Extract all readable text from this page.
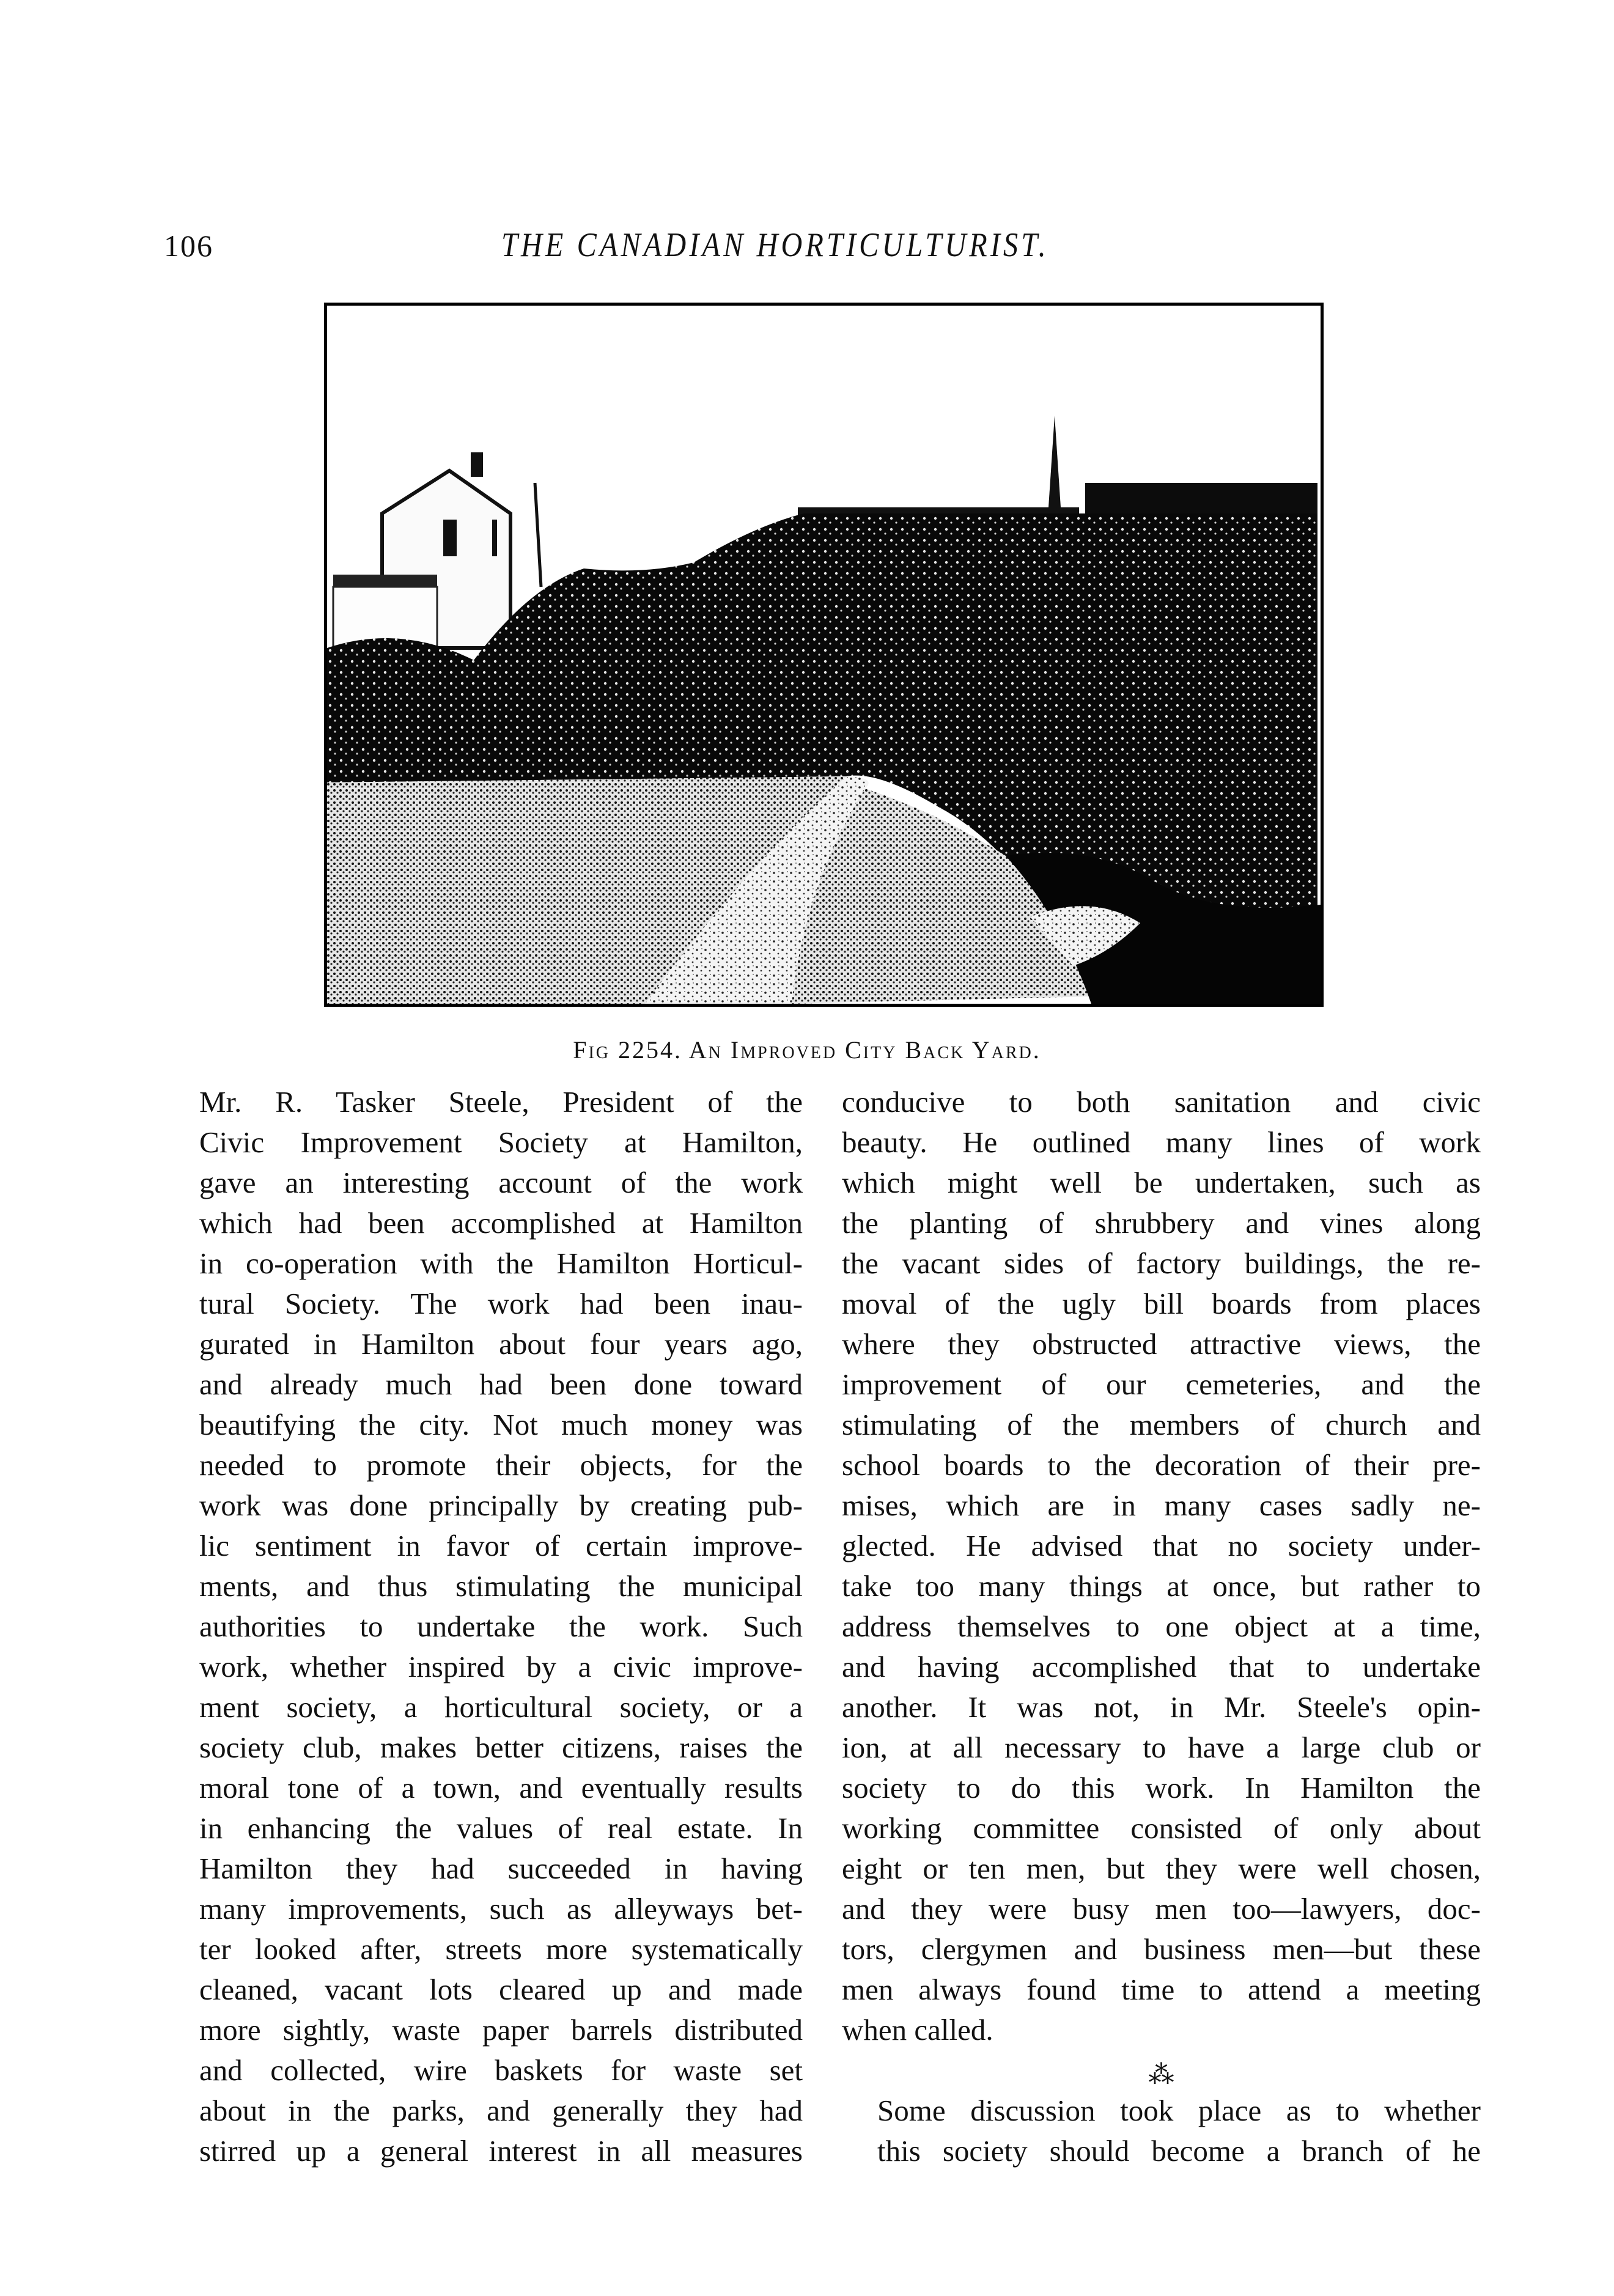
106	THE CANADIAN HORTICULTURIST.
Fig 2254. An Improved City Back Yard.

Mr. R. Tasker Steele, President of the
Civic Improvement Society at Hamilton,
gave an interesting account of the work
which had been accomplished at Hamilton
in co-operation with the Hamilton Horticul-
tural Society. The work had been inau-
gurated in Hamilton about four years ago,
and already much had been done toward
beautifying the city. Not much money was
needed to promote their objects, for the
work was done principally by creating pub-
lic sentiment in favor of certain improve-
ments, and thus stimulating the municipal
authorities to undertake the work. Such
work, whether inspired by a civic improve-
ment society, a horticultural society, or a
society club, makes better citizens, raises the
moral tone of a town, and eventually results
in enhancing the values of real estate. In
Hamilton they had succeeded in having
many improvements, such as alleyways bet-
ter looked after, streets more systematically
cleaned, vacant lots cleared up and made
more sightly, waste paper barrels distributed
and collected, wire baskets for waste set
about in the parks, and generally they had
stirred up a general interest in all measures

conducive to both sanitation and civic
beauty. He outlined many lines of work
which might well be undertaken, such as
the planting of shrubbery and vines along
the vacant sides of factory buildings, the re-
moval of the ugly bill boards from places
where they obstructed attractive views, the
improvement of our cemeteries, and the
stimulating of the members of church and
school boards to the decoration of their pre-
mises, which are in many cases sadly ne-
glected. He advised that no society under-
take too many things at once, but rather to
address themselves to one object at a time,
and having accomplished that to undertake
another. It was not, in Mr. Steele's opin-
ion, at all necessary to have a large club or
society to do this work. In Hamilton the
working committee consisted of only about
eight or ten men, but they were well chosen,
and they were busy men too—lawyers, doc-
tors, clergymen and business men—but these
men always found time to attend a meeting
when called.

⁂

Some discussion took place as to whether
this society should become a branch of he
